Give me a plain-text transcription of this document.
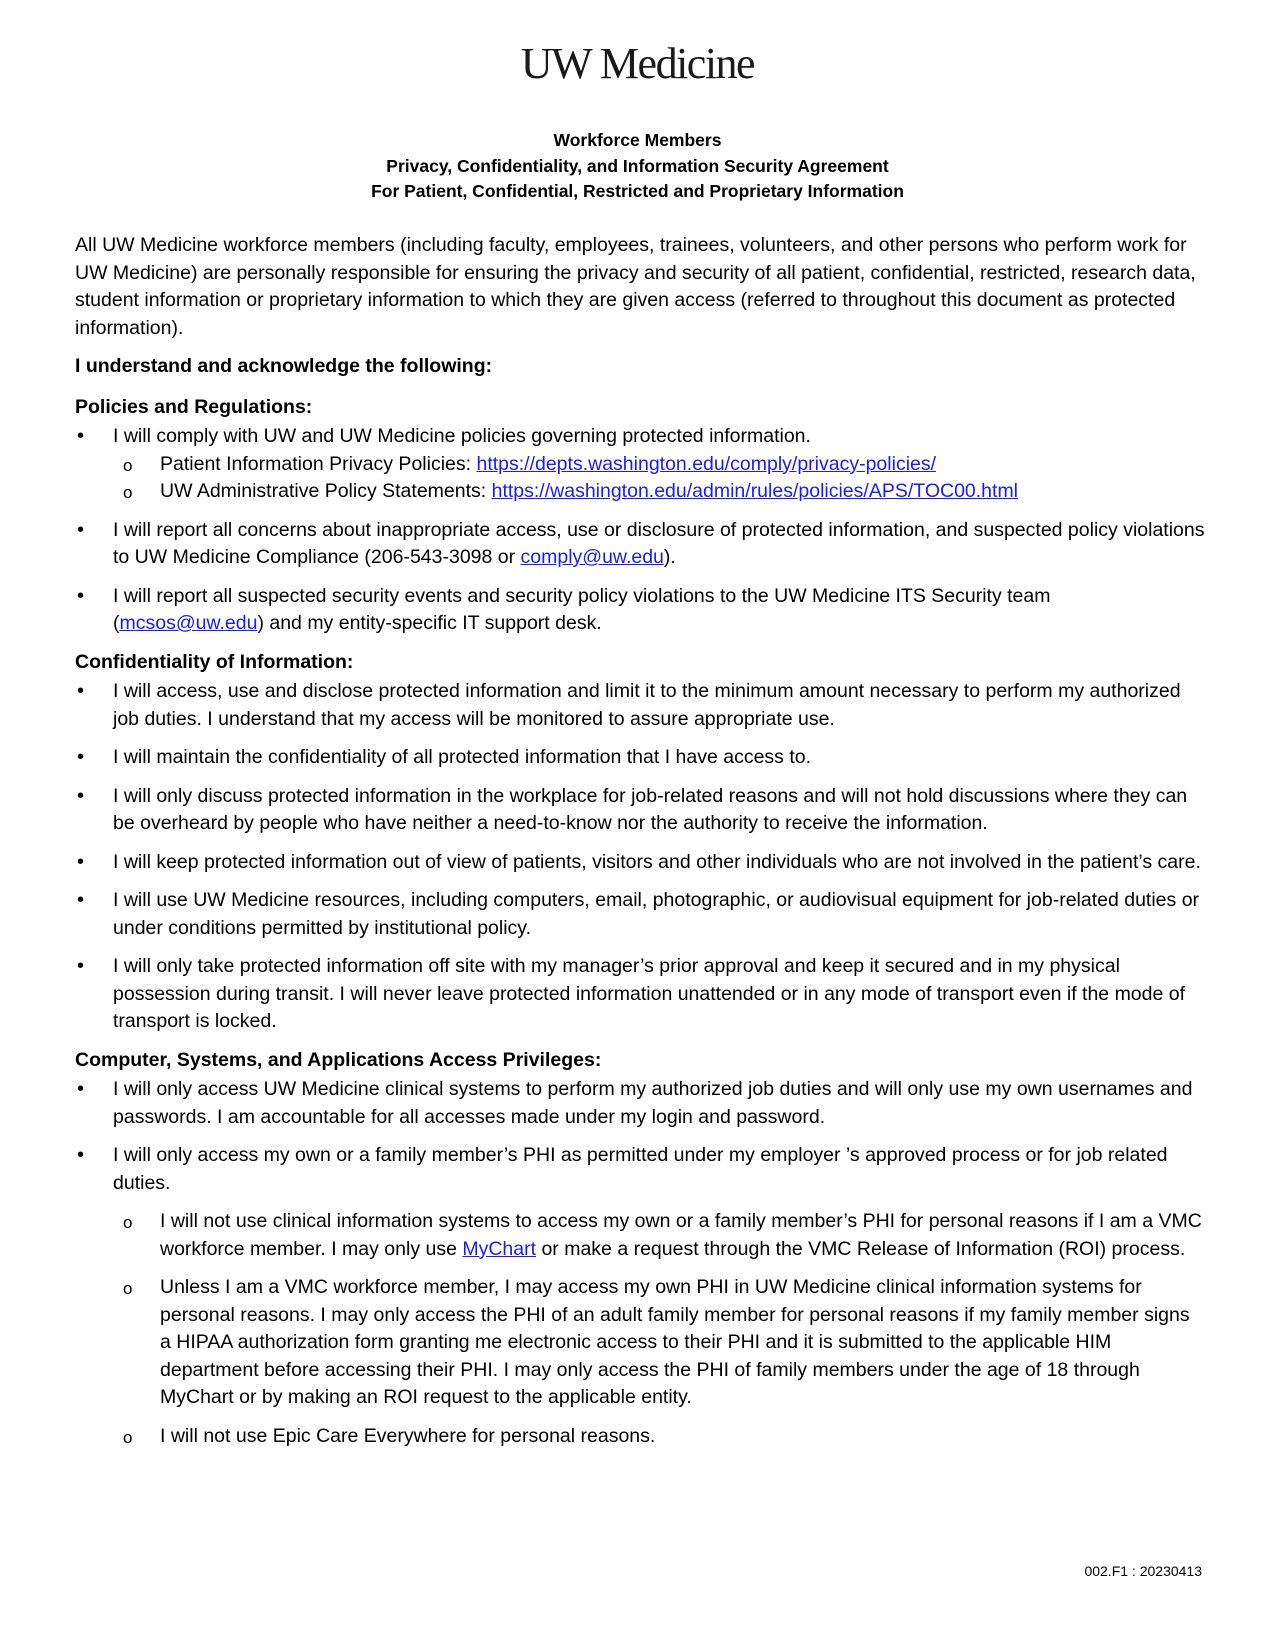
UW Medicine
Workforce Members
Privacy, Confidentiality, and Information Security Agreement
For Patient, Confidential, Restricted and Proprietary Information

All UW Medicine workforce members (including faculty, employees, trainees, volunteers, and other persons who perform work for UW Medicine) are personally responsible for ensuring the privacy and security of all patient, confidential, restricted, research data, student information or proprietary information to which they are given access (referred to throughout this document as protected information).

I understand and acknowledge the following:

Policies and Regulations:
• I will comply with UW and UW Medicine policies governing protected information.
o Patient Information Privacy Policies: https://depts.washington.edu/comply/privacy-policies/
o UW Administrative Policy Statements: https://washington.edu/admin/rules/policies/APS/TOC00.html
• I will report all concerns about inappropriate access, use or disclosure of protected information, and suspected policy violations to UW Medicine Compliance (206-543-3098 or comply@uw.edu).
• I will report all suspected security events and security policy violations to the UW Medicine ITS Security team (mcsos@uw.edu) and my entity-specific IT support desk.
Confidentiality of Information:
• I will access, use and disclose protected information and limit it to the minimum amount necessary to perform my authorized job duties. I understand that my access will be monitored to assure appropriate use.
• I will maintain the confidentiality of all protected information that I have access to.
• I will only discuss protected information in the workplace for job-related reasons and will not hold discussions where they can be overheard by people who have neither a need-to-know nor the authority to receive the information.
• I will keep protected information out of view of patients, visitors and other individuals who are not involved in the patient’s care.
• I will use UW Medicine resources, including computers, email, photographic, or audiovisual equipment for job-related duties or under conditions permitted by institutional policy.
• I will only take protected information off site with my manager’s prior approval and keep it secured and in my physical possession during transit. I will never leave protected information unattended or in any mode of transport even if the mode of transport is locked.
Computer, Systems, and Applications Access Privileges:
• I will only access UW Medicine clinical systems to perform my authorized job duties and will only use my own usernames and passwords. I am accountable for all accesses made under my login and password.
• I will only access my own or a family member’s PHI as permitted under my employer ’s approved process or for job related duties.
o I will not use clinical information systems to access my own or a family member’s PHI for personal reasons if I am a VMC workforce member. I may only use MyChart or make a request through the VMC Release of Information (ROI) process.
o Unless I am a VMC workforce member, I may access my own PHI in UW Medicine clinical information systems for personal reasons. I may only access the PHI of an adult family member for personal reasons if my family member signs a HIPAA authorization form granting me electronic access to their PHI and it is submitted to the applicable HIM department before accessing their PHI. I may only access the PHI of family members under the age of 18 through MyChart or by making an ROI request to the applicable entity.
o I will not use Epic Care Everywhere for personal reasons.
002.F1 : 20230413
